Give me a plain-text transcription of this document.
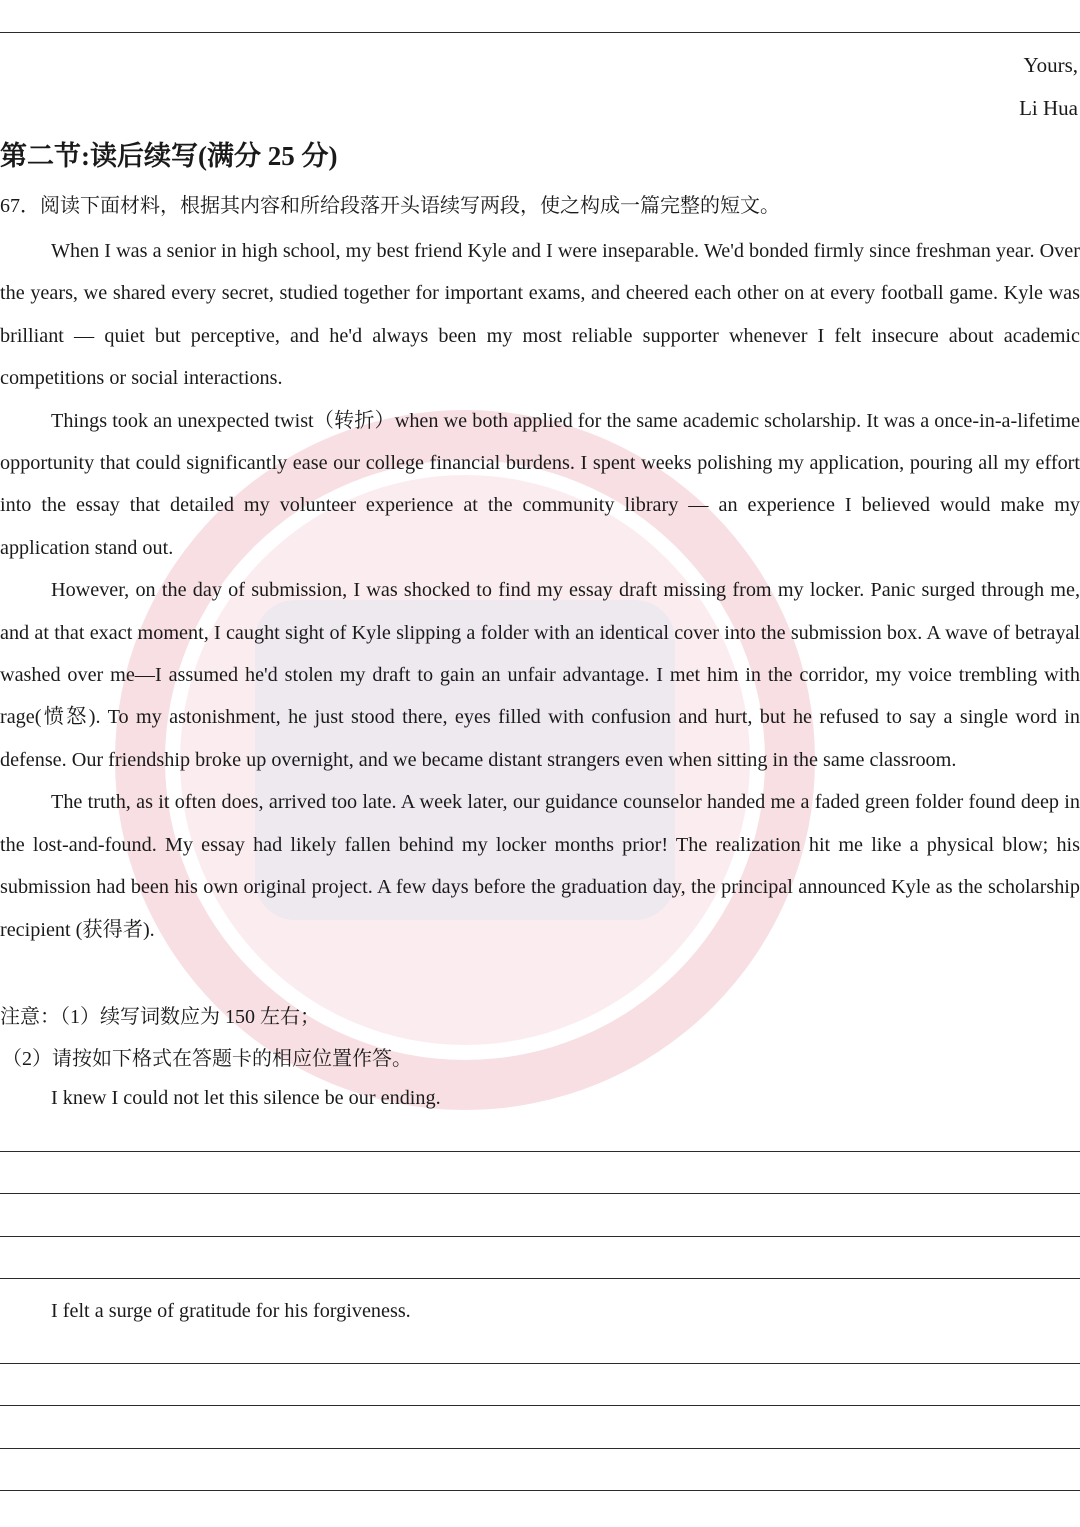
Yours,
Li Hua
第二节:读后续写(满分 25 分)
67．阅读下面材料，根据其内容和所给段落开头语续写两段，使之构成一篇完整的短文。

When I was a senior in high school, my best friend Kyle and I were inseparable. We'd bonded firmly since freshman year. Over the years, we shared every secret, studied together for important exams, and cheered each other on at every football game. Kyle was brilliant — quiet but perceptive, and he'd always been my most reliable supporter whenever I felt insecure about academic competitions or social interactions.

Things took an unexpected twist（转折）when we both applied for the same academic scholarship. It was a once-in-a-lifetime opportunity that could significantly ease our college financial burdens. I spent weeks polishing my application, pouring all my effort into the essay that detailed my volunteer experience at the community library — an experience I believed would make my application stand out.

However, on the day of submission, I was shocked to find my essay draft missing from my locker. Panic surged through me, and at that exact moment, I caught sight of Kyle slipping a folder with an identical cover into the submission box. A wave of betrayal washed over me—I assumed he'd stolen my draft to gain an unfair advantage. I met him in the corridor, my voice trembling with rage(愤怒). To my astonishment, he just stood there, eyes filled with confusion and hurt, but he refused to say a single word in defense. Our friendship broke up overnight, and we became distant strangers even when sitting in the same classroom.

The truth, as it often does, arrived too late. A week later, our guidance counselor handed me a faded green folder found deep in the lost-and-found. My essay had likely fallen behind my locker months prior! The realization hit me like a physical blow; his submission had been his own original project. A few days before the graduation day, the principal announced Kyle as the scholarship recipient (获得者).

注意：（1）续写词数应为 150 左右；
（2）请按如下格式在答题卡的相应位置作答。
I knew I could not let this silence be our ending.
I felt a surge of gratitude for his forgiveness.
